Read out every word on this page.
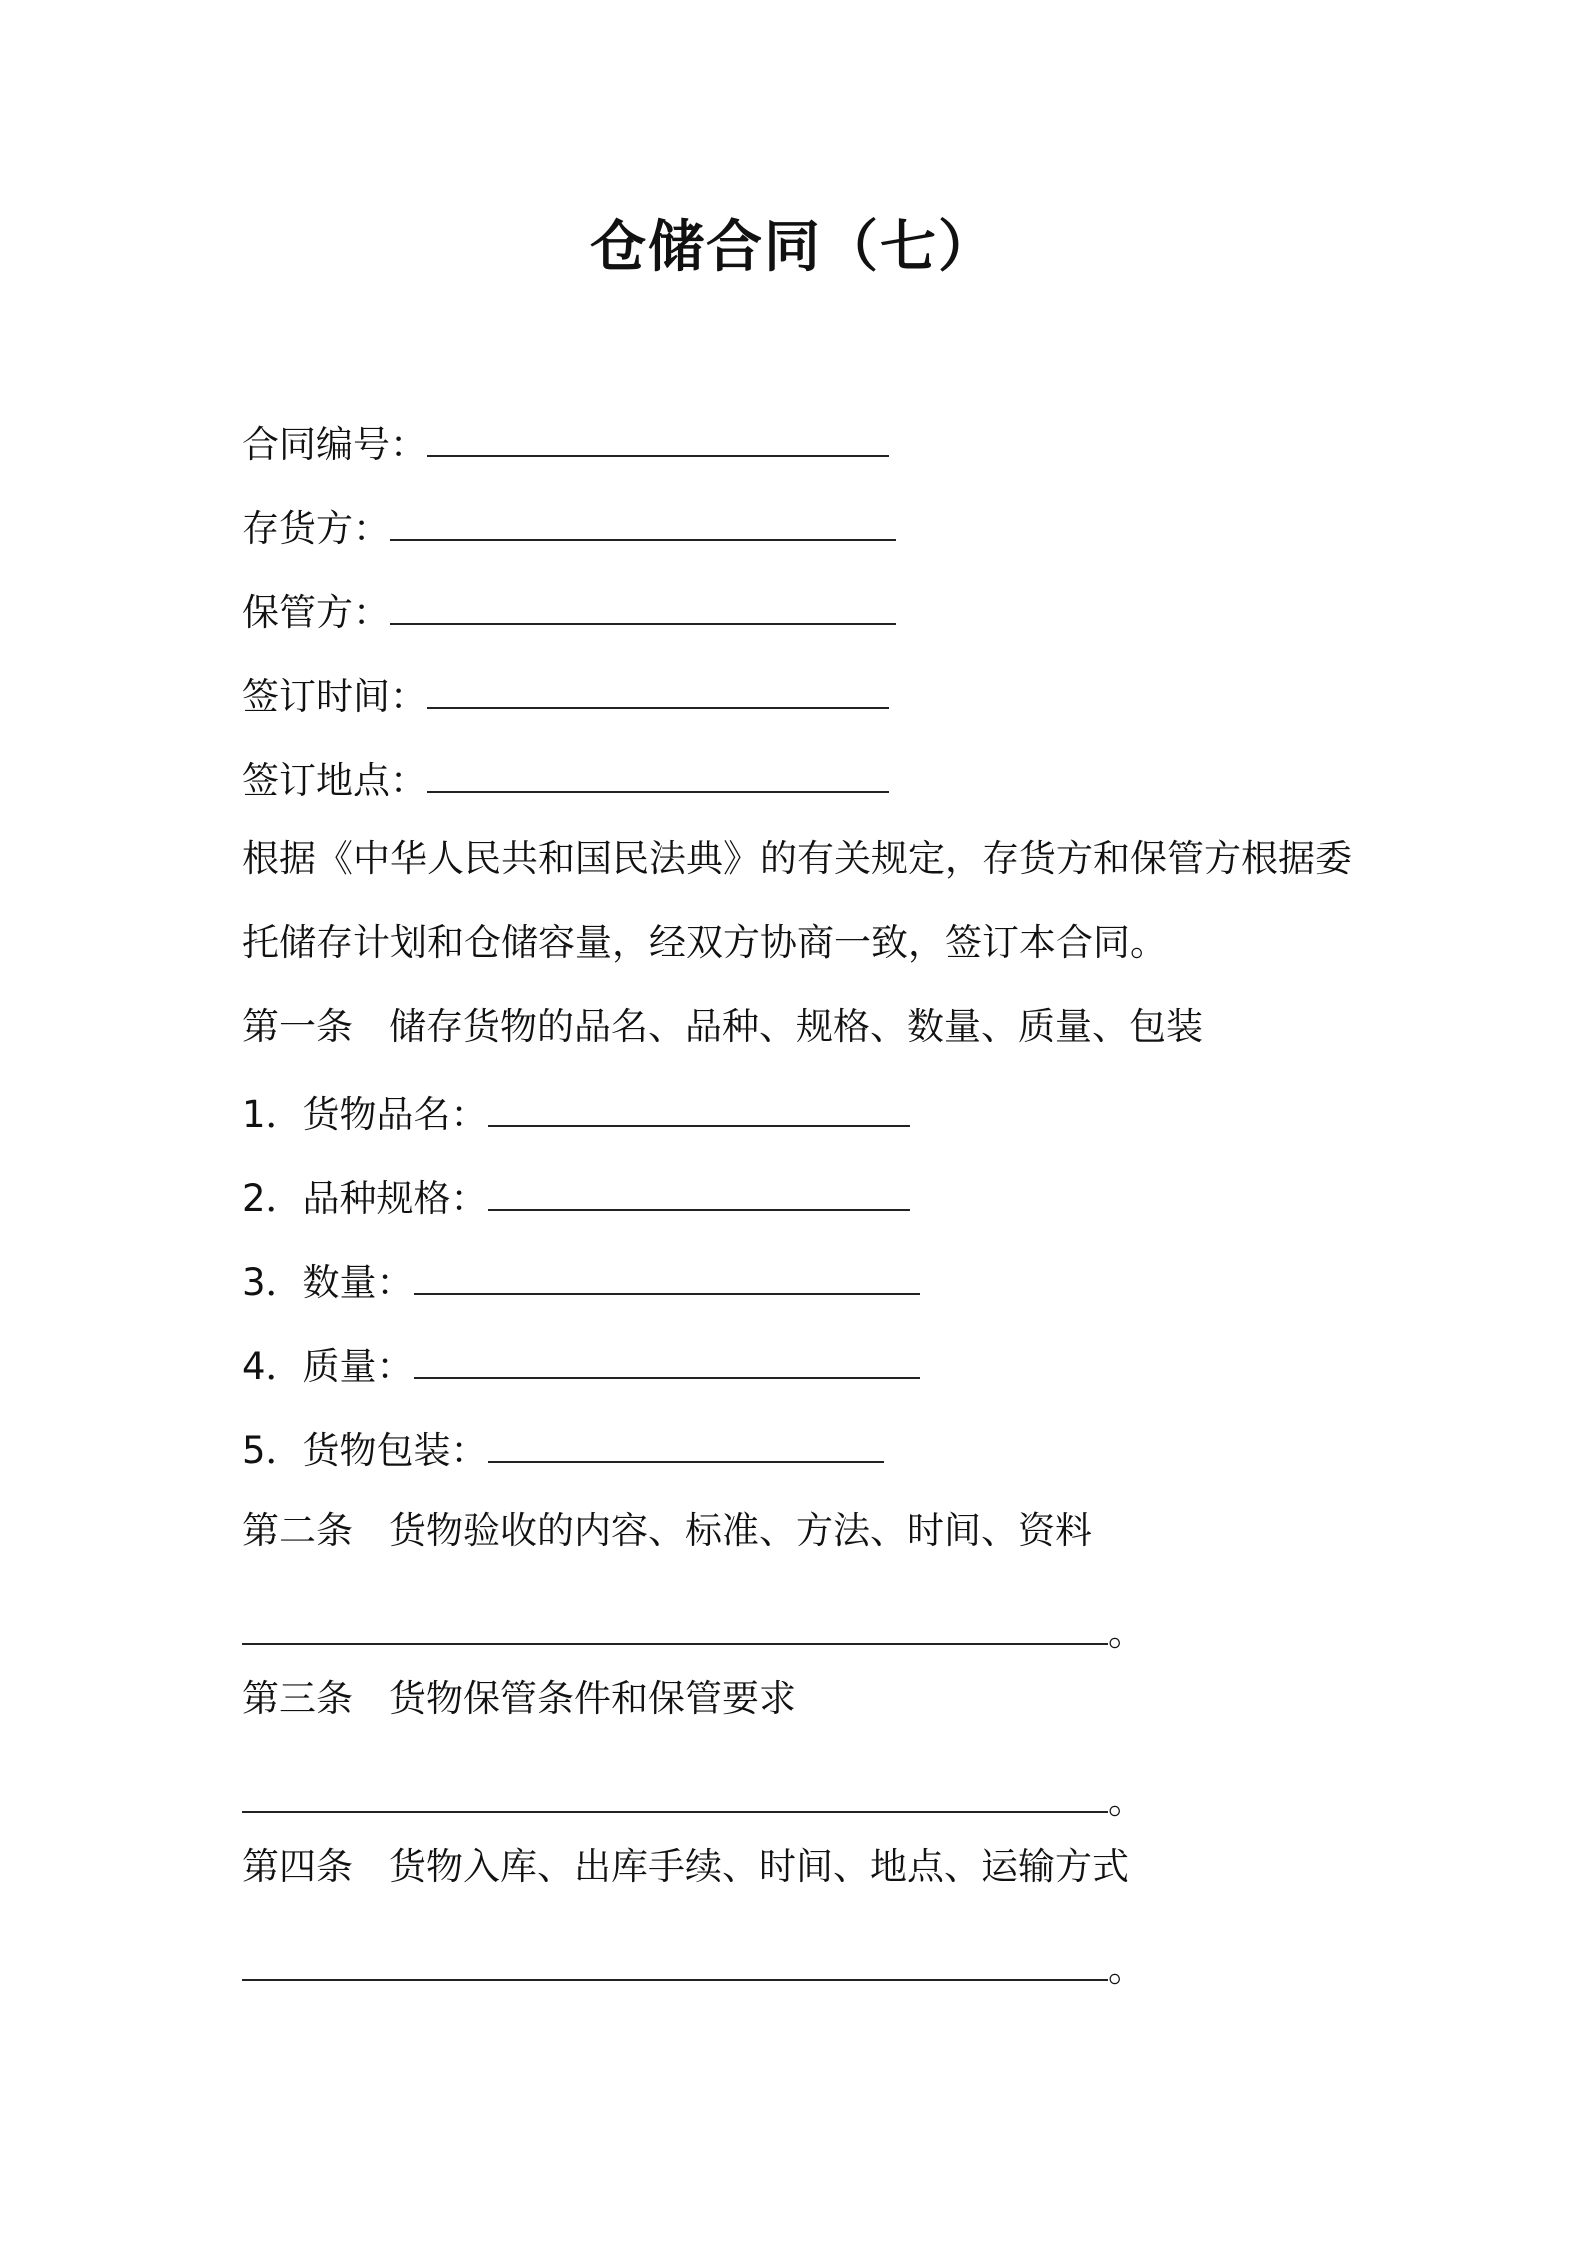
仓储合同（七）
合同编号：
存货方：
保管方：
签订时间：
签订地点：
根据《中华人民共和国民法典》的有关规定，存货方和保管方根据委
托储存计划和仓储容量，经双方协商一致，签订本合同。
第一条 储存货物的品名、品种、规格、数量、质量、包装
1．货物品名：
2．品种规格：
3．数量：
4．质量：
5．货物包装：
第二条 货物验收的内容、标准、方法、时间、资料
。
第三条 货物保管条件和保管要求
。
第四条 货物入库、出库手续、时间、地点、运输方式
。
